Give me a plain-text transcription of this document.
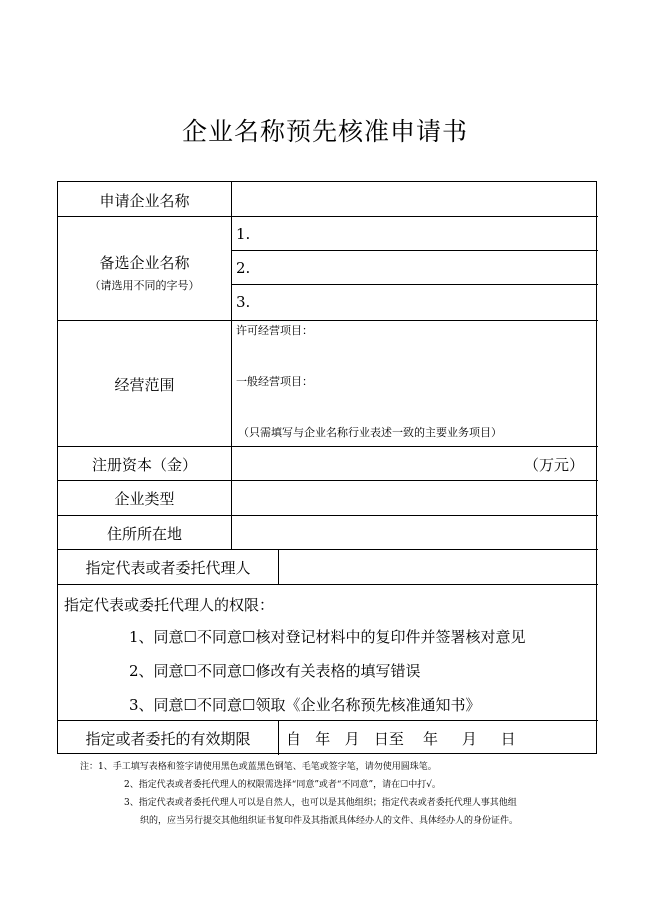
企业名称预先核准申请书
申请企业名称
备选企业名称
（请选用不同的字号）
1.
2.
3.
经营范围
许可经营项目：
一般经营项目：
（只需填写与企业名称行业表述一致的主要业务项目）
注册资本（金）	（万元）
企业类型
住所所在地
指定代表或者委托代理人
指定代表或委托代理人的权限：
1、同意☐不同意☐核对登记材料中的复印件并签署核对意见
2、同意☐不同意☐修改有关表格的填写错误
3、同意☐不同意☐领取《企业名称预先核准通知书》
指定或者委托的有效期限	自   年   月   日至    年     月     日
注：1、手工填写表格和签字请使用黑色或蓝黑色钢笔、毛笔或签字笔，请勿使用圆珠笔。
2、指定代表或者委托代理人的权限需选择“同意”或者“不同意”，请在☐中打√。
3、指定代表或者委托代理人可以是自然人，也可以是其他组织；指定代表或者委托代理人事其他组
织的，应当另行提交其他组织证书复印件及其指派具体经办人的文件、具体经办人的身份证件。
